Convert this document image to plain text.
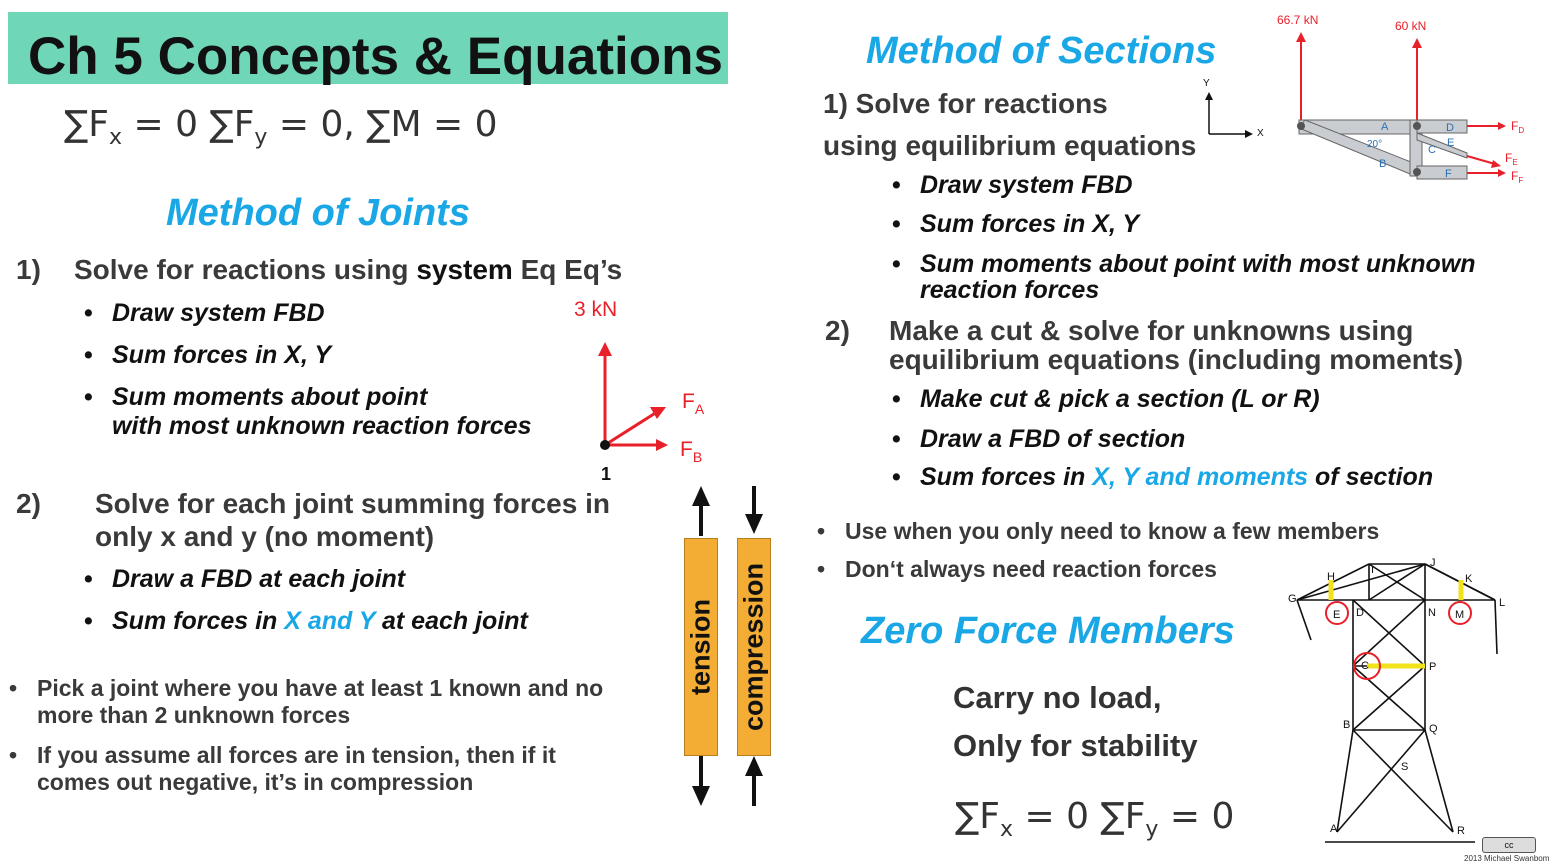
Ch 5 Concepts & Equations
$\sum F_x = 0$ $\sum F_y = 0$, ∑M = 0
Method of Joints
1) Solve for reactions using system Eq Eq’s
• Draw system FBD
• Sum forces in X, Y
• Sum moments about point
with most unknown reaction forces
3 kN
$F_A$
$F_B$
1
2) Solve for each joint summing forces in
only x and y (no moment)
• Draw a FBD at each joint
• Sum forces in X and Y at each joint
• Pick a joint where you have at least 1 known and no
more than 2 unknown forces
• If you assume all forces are in tension, then if it
comes out negative, it’s in compression
tension compression
Method of Sections
1) Solve for reactions
using equilibrium equations
• Draw system FBD
• Sum forces in X, Y
• Sum moments about point with most unknown
reaction forces
2) Make a cut & solve for unknowns using
equilibrium equations (including moments)
• Make cut & pick a section (L or R)
• Draw a FBD of section
• Sum forces in X, Y and moments of section
Use when you only need to know a few members
Don‘t always need reaction forces
66.7 kN	60 kN
Y
X
A
B
C
D
E
F
20°
$F_D$
$F_E$
$F_F$
Zero Force Members
Carry no load,
Only for stability
$\sum F_x = 0$ $\sum F_y = 0$
G
H
E D
I
J
N
K
M
L
C	P
B	Q
S
A	R
cc
2013 Michael Swanbom
